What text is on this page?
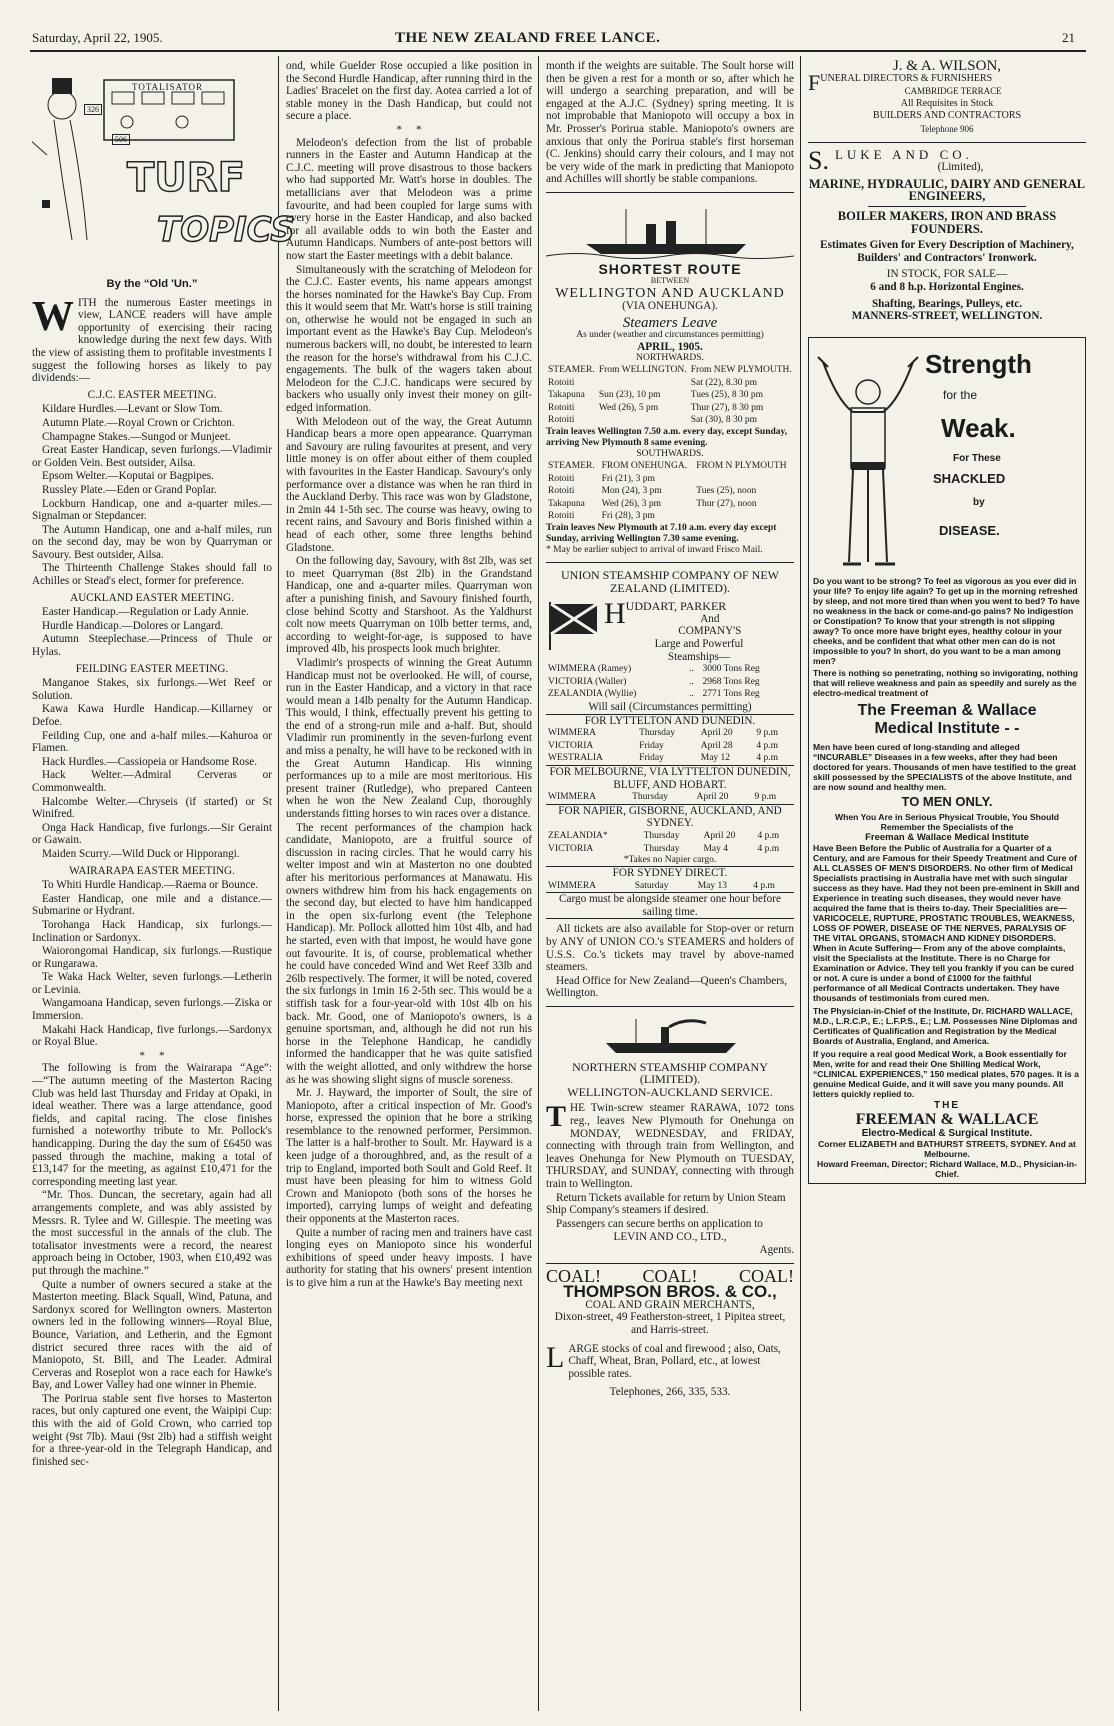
Saturday, April 22, 1905.	THE NEW ZEALAND FREE LANCE.	21
TOTALISATOR
326
506
TURF
TOPICS
By the “Old 'Un.”

WITH the numerous Easter meetings in view, LANCE readers will have ample opportunity of exercising their racing knowledge during the next few days. With the view of assisting them to profitable investments I suggest the following horses as likely to pay dividends:—

C.J.C. EASTER MEETING.

Kildare Hurdles.—Levant or Slow Tom.

Autumn Plate.—Royal Crown or Crichton.

Champagne Stakes.—Sungod or Munjeet.

Great Easter Handicap, seven furlongs.—Vladimir or Golden Vein. Best outsider, Ailsa.

Epsom Welter.—Koputai or Bagpipes.

Russley Plate.—Eden or Grand Poplar.

Lockburn Handicap, one and a-quarter miles.—Signalman or Stepdancer.

The Autumn Handicap, one and a-half miles, run on the second day, may be won by Quarryman or Savoury. Best outsider, Ailsa.

The Thirteenth Challenge Stakes should fall to Achilles or Stead's elect, former for preference.

AUCKLAND EASTER MEETING.

Easter Handicap.—Regulation or Lady Annie.

Hurdle Handicap.—Dolores or Langard.

Autumn Steeplechase.—Princess of Thule or Hylas.

FEILDING EASTER MEETING.

Manganoe Stakes, six furlongs.—Wet Reef or Solution.

Kawa Kawa Hurdle Handicap.—Killarney or Defoe.

Feilding Cup, one and a-half miles.—Kahuroa or Flamen.

Hack Hurdles.—Cassiopeia or Handsome Rose.

Hack Welter.—Admiral Cerveras or Commonwealth.

Halcombe Welter.—Chryseis (if started) or St Winifred.

Onga Hack Handicap, five furlongs.—Sir Geraint or Gawain.

Maiden Scurry.—Wild Duck or Hipporangi.

WAIRARAPA EASTER MEETING.

To Whiti Hurdle Handicap.—Raema or Bounce.

Easter Handicap, one mile and a distance.—Submarine or Hydrant.

Torohanga Hack Handicap, six furlongs.—Inclination or Sardonyx.

Waiorongomai Handicap, six furlongs.—Rustique or Rungarawa.

Te Waka Hack Welter, seven furlongs.—Letherin or Levinia.

Wangamoana Handicap, seven furlongs.—Ziska or Immersion.

Makahi Hack Handicap, five furlongs.—Sardonyx or Royal Blue.

*     *

The following is from the Wairarapa “Age”:—“The autumn meeting of the Masterton Racing Club was held last Thursday and Friday at Opaki, in ideal weather. There was a large attendance, good fields, and capital racing. The close finishes furnished a noteworthy tribute to Mr. Pollock's handicapping. During the day the sum of £6450 was passed through the machine, making a total of £13,147 for the meeting, as against £10,471 for the corresponding meeting last year.

“Mr. Thos. Duncan, the secretary, again had all arrangements complete, and was ably assisted by Messrs. R. Tylee and W. Gillespie. The meeting was the most successful in the annals of the club. The totalisator investments were a record, the nearest approach being in October, 1903, when £10,492 was put through the machine.”

Quite a number of owners secured a stake at the Masterton meeting. Black Squall, Wind, Patuna, and Sardonyx scored for Wellington owners. Masterton owners led in the following winners—Royal Blue, Bounce, Variation, and Letherin, and the Egmont district secured three races with the aid of Maniopoto, St. Bill, and The Leader. Admiral Cerveras and Roseplot won a race each for Hawke's Bay, and Lower Valley had one winner in Phemie.

The Porirua stable sent five horses to Masterton races, but only captured one event, the Waipipi Cup: this with the aid of Gold Crown, who carried top weight (9st 7lb). Maui (9st 2lb) had a stiffish weight for a three-year-old in the Telegraph Handicap, and finished sec-

ond, while Guelder Rose occupied a like position in the Second Hurdle Handicap, after running third in the Ladies' Bracelet on the first day. Aotea carried a lot of stable money in the Dash Handicap, but could not secure a place.

*     *

Melodeon's defection from the list of probable runners in the Easter and Autumn Handicap at the C.J.C. meeting will prove disastrous to those backers who had supported Mr. Watt's horse in doubles. The metallicians aver that Melodeon was a prime favourite, and had been coupled for large sums with every horse in the Easter Handicap, and also backed for all available odds to win both the Easter and Autumn Handicaps. Numbers of ante-post bettors will now start the Easter meetings with a debit balance.

Simultaneously with the scratching of Melodeon for the C.J.C. Easter events, his name appears amongst the horses nominated for the Hawke's Bay Cup. From this it would seem that Mr. Watt's horse is still training on, otherwise he would not be engaged in such an important event as the Hawke's Bay Cup. Melodeon's numerous backers will, no doubt, be interested to learn the reason for the horse's withdrawal from his C.J.C. engagements. The bulk of the wagers taken about Melodeon for the C.J.C. handicaps were secured by backers who usually only invest their money on gilt-edged information.

With Melodeon out of the way, the Great Autumn Handicap bears a more open appearance. Quarryman and Savoury are ruling favourites at present, and very little money is on offer about either of them coupled with favourites in the Easter Handicap. Savoury's only performance over a distance was when he ran third in the Auckland Derby. This race was won by Gladstone, in 2min 44 1-5th sec. The course was heavy, owing to recent rains, and Savoury and Boris finished within a head of each other, some three lengths behind Gladstone.

On the following day, Savoury, with 8st 2lb, was set to meet Quarryman (8st 2lb) in the Grandstand Handicap, one and a-quarter miles. Quarryman won after a punishing finish, and Savoury finished fourth, close behind Scotty and Starshoot. As the Yaldhurst colt now meets Quarryman on 10lb better terms, and, according to weight-for-age, is supposed to have improved 4lb, his prospects look much brighter.

Vladimir's prospects of winning the Great Autumn Handicap must not be overlooked. He will, of course, run in the Easter Handicap, and a victory in that race would mean a 14lb penalty for the Autumn Handicap. This would, I think, effectually prevent his getting to the end of a strong-run mile and a-half. But, should Vladimir run prominently in the seven-furlong event and miss a penalty, he will have to be reckoned with in the Great Autumn Handicap. His winning performances up to a mile are most meritorious. His present trainer (Rutledge), who prepared Canteen when he won the New Zealand Cup, thoroughly understands fitting horses to win races over a distance.

The recent performances of the champion hack candidate, Maniopoto, are a fruitful source of discussion in racing circles. That he would carry his welter impost and win at Masterton no one doubted after his meritorious performances at Manawatu. His owners withdrew him from his hack engagements on the second day, but elected to have him handicapped in the open six-furlong event (the Telephone Handicap). Mr. Pollock allotted him 10st 4lb, and had he started, even with that impost, he would have gone out favourite. It is, of course, problematical whether he could have conceded Wind and Wet Reef 33lb and 26lb respectively. The former, it will be noted, covered the six furlongs in 1min 16 2-5th sec. This would be a stiffish task for a four-year-old with 10st 4lb on his back. Mr. Good, one of Maniopoto's owners, is a genuine sportsman, and, although he did not run his horse in the Telephone Handicap, he candidly informed the handicapper that he was quite satisfied with the weight allotted, and only withdrew the horse as he was showing slight signs of muscle soreness.

Mr. J. Hayward, the importer of Soult, the sire of Maniopoto, after a critical inspection of Mr. Good's horse, expressed the opinion that he bore a striking resemblance to the renowned performer, Persimmon. The latter is a half-brother to Soult. Mr. Hayward is a keen judge of a thoroughbred, and, as the result of a trip to England, imported both Soult and Gold Reef. It must have been pleasing for him to witness Gold Crown and Maniopoto (both sons of the horses he imported), carrying lumps of weight and defeating their opponents at the Masterton races.

Quite a number of racing men and trainers have cast longing eyes on Maniopoto since his wonderful exhibitions of speed under heavy imposts. I have authority for stating that his owners' present intention is to give him a run at the Hawke's Bay meeting next

month if the weights are suitable. The Soult horse will then be given a rest for a month or so, after which he will undergo a searching preparation, and will be engaged at the A.J.C. (Sydney) spring meeting. It is not improbable that Maniopoto will occupy a box in Mr. Prosser's Porirua stable. Maniopoto's owners are anxious that only the Porirua stable's first horseman (C. Jenkins) should carry their colours, and I may not be very wide of the mark in predicting that Maniopoto and Achilles will shortly be stable companions.

SHORTEST ROUTE
BETWEEN
WELLINGTON AND AUCKLAND
(VIA ONEHUNGA).
Steamers Leave
As under (weather and circumstances permitting)
APRIL, 1905.
NORTHWARDS.
STEAMER.	From WELLINGTON.	From NEW PLYMOUTH.
Rotoiti		Sat (22), 8.30 pm
Takapuna	Sun (23), 10 pm	Tues (25), 8 30 pm
Rotoiti	Wed (26), 5 pm	Thur (27), 8 30 pm
Rotoiti		Sat (30), 8 30 pm
Train leaves Wellington 7.50 a.m. every day, except Sunday, arriving New Plymouth 8 same evening.
SOUTHWARDS.
STEAMER.	FROM ONEHUNGA.	FROM N PLYMOUTH
Rotoiti	Fri (21), 3 pm	
Rotoiti	Mon (24), 3 pm	Tues (25), noon
Takapuna	Wed (26), 3 pm	Thur (27), noon
Rotoiti	Fri (28), 3 pm	
Train leaves New Plymouth at 7.10 a.m. every day except Sunday, arriving Wellington 7.30 same evening.
* May be earlier subject to arrival of inward Frisco Mail.
UNION STEAMSHIP COMPANY OF NEW ZEALAND (LIMITED).
HUDDART, PARKER
And
COMPANY'S
Large and Powerful
Steamships—
WIMMERA (Ramey)	..	3000 Tons Reg
VICTORIA (Waller)	..	2968 Tons Reg
ZEALANDIA (Wyllie)	..	2771 Tons Reg
Will sail (Circumstances permitting)
FOR LYTTELTON AND DUNEDIN.
WIMMERA	Thursday	April 20	9 p.m
VICTORIA	Friday	April 28	4 p.m
WESTRALIA	Friday	May 12	4 p.m
FOR MELBOURNE, VIA LYTTELTON DUNEDIN, BLUFF, AND HOBART.
WIMMERA	Thursday	April 20	9 p.m
FOR NAPIER, GISBORNE, AUCKLAND, AND SYDNEY.
ZEALANDIA*	Thursday	April 20	4 p.m
VICTORIA	Thursday	May 4	4 p.m
*Takes no Napier cargo.
FOR SYDNEY DIRECT.
WIMMERA	Saturday	May 13	4 p.m
Cargo must be alongside steamer one hour before sailing time.

All tickets are also available for Stop-over or return by ANY of UNION CO.'s STEAMERS and holders of U.S.S. Co.'s tickets may travel by above-named steamers.

Head Office for New Zealand—Queen's Chambers, Wellington.

NORTHERN STEAMSHIP COMPANY (LIMITED).
WELLINGTON-AUCKLAND SERVICE.

THE Twin-screw steamer RARAWA, 1072 tons reg., leaves New Plymouth for Onehunga on MONDAY, WEDNESDAY, and FRIDAY, connecting with through train from Wellington, and leaves Onehunga for New Plymouth on TUESDAY, THURSDAY, and SUNDAY, connecting with through train to Wellington.

Return Tickets available for return by Union Steam Ship Company's steamers if desired.

Passengers can secure berths on application to

LEVIN AND CO., LTD.,
Agents.
COAL! COAL! COAL!
THOMPSON BROS. & CO.,
COAL AND GRAIN MERCHANTS,
Dixon-street, 49 Featherston-street, 1 Pipitea street, and Harris-street.

LARGE stocks of coal and firewood ; also, Oats, Chaff, Wheat, Bran, Pollard, etc., at lowest possible rates.

Telephones, 266, 335, 533.
J. & A. WILSON,
FUNERAL DIRECTORS & FURNISHERS
CAMBRIDGE TERRACE
All Requisites in Stock
BUILDERS AND CONTRACTORS
Telephone 906
S. LUKE AND CO.
(Limited),
MARINE, HYDRAULIC, DAIRY AND GENERAL ENGINEERS,
BOILER MAKERS, IRON AND BRASS FOUNDERS.
Estimates Given for Every Description of Machinery,
Builders' and Contractors' Ironwork.
IN STOCK, FOR SALE—
6 and 8 h.p. Horizontal Engines.
Shafting, Bearings, Pulleys, etc.
MANNERS-STREET, WELLINGTON.
Strength
for the
Weak.
For These
SHACKLED
by
DISEASE.

Do you want to be strong? To feel as vigorous as you ever did in your life? To enjoy life again? To get up in the morning refreshed by sleep, and not more tired than when you went to bed? To have no weakness in the back or come-and-go pains? No indigestion or Constipation? To know that your strength is not slipping away? To once more have bright eyes, healthy colour in your cheeks, and be confident that what other men can do is not impossible to you? In short, do you want to be a man among men?

There is nothing so penetrating, nothing so invigorating, nothing that will relieve weakness and pain as speedily and surely as the electro-medical treatment of

The Freeman & Wallace
Medical Institute - -

Men have been cured of long-standing and alleged “INCURABLE” Diseases in a few weeks, after they had been doctored for years. Thousands of men have testified to the great skill possessed by the SPECIALISTS of the above Institute, and are now sound and healthy men.

TO MEN ONLY.

When You Are in Serious Physical Trouble, You Should Remember the Specialists of the

Freeman & Wallace Medical Institute

Have Been Before the Public of Australia for a Quarter of a Century, and are Famous for their Speedy Treatment and Cure of ALL CLASSES OF MEN'S DISORDERS. No other firm of Medical Specialists practising in Australia have met with such singular success as they have. Had they not been pre-eminent in Skill and Experience in treating such diseases, they would never have acquired the fame that is theirs to-day. Their Specialities are— VARICOCELE, RUPTURE, PROSTATIC TROUBLES, WEAKNESS, LOSS OF POWER, DISEASE OF THE NERVES, PARALYSIS OF THE VITAL ORGANS, STOMACH AND KIDNEY DISORDERS. When in Acute Suffering— From any of the above complaints, visit the Specialists at the Institute. There is no Charge for Examination or Advice. They tell you frankly if you can be cured or not. A cure is under a bond of £1000 for the faithful performance of all Medical Contracts undertaken. They have thousands of testimonials from cured men.

The Physician-in-Chief of the Institute, Dr. RICHARD WALLACE, M.D., L.R.C.P., E.; L.F.P.S., E.; L.M. Possesses Nine Diplomas and Certificates of Qualification and Registration by the Medical Boards of Australia, England, and America.

If you require a real good Medical Work, a Book essentially for Men, write for and read their One Shilling Medical Work, “CLINICAL EXPERIENCES,” 150 medical plates, 570 pages. It is a genuine Medical Guide, and it will save you many pounds. All letters quickly replied to.

THE
FREEMAN & WALLACE
Electro-Medical & Surgical Institute.
Corner ELIZABETH and BATHURST STREETS, SYDNEY. And at Melbourne.
Howard Freeman, Director; Richard Wallace, M.D., Physician-in-Chief.
